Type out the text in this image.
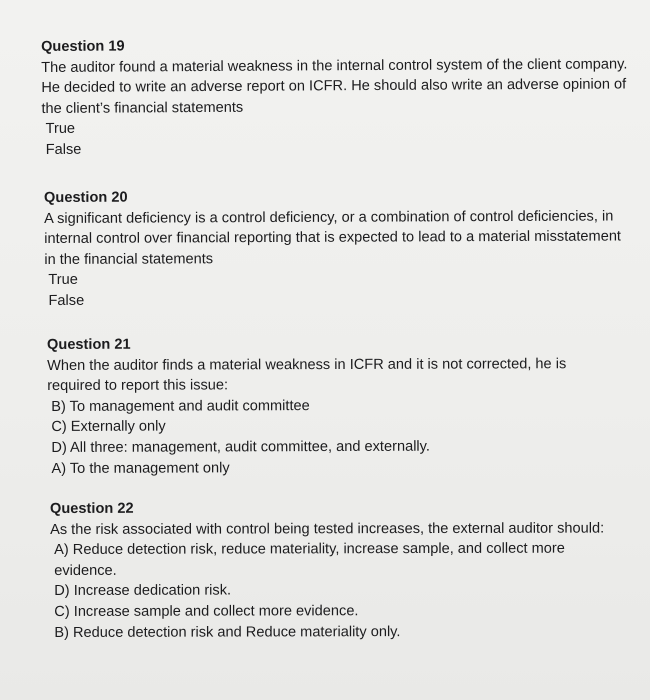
Question 19

The auditor found a material weakness in the internal control system of the client company. He decided to write an adverse report on ICFR. He should also write an adverse opinion of the client’s financial statements

True

False

Question 20

A significant deficiency is a control deficiency, or a combination of control deficiencies, in internal control over financial reporting that is expected to lead to a material misstatement in the financial statements

True

False

Question 21

When the auditor finds a material weakness in ICFR and it is not corrected, he is required to report this issue:

B) To management and audit committee

C) Externally only

D) All three: management, audit committee, and externally.

A) To the management only

Question 22

As the risk associated with control being tested increases, the external auditor should:

A) Reduce detection risk, reduce materiality, increase sample, and collect more evidence.

D) Increase dedication risk.

C) Increase sample and collect more evidence.

B) Reduce detection risk and Reduce materiality only.
